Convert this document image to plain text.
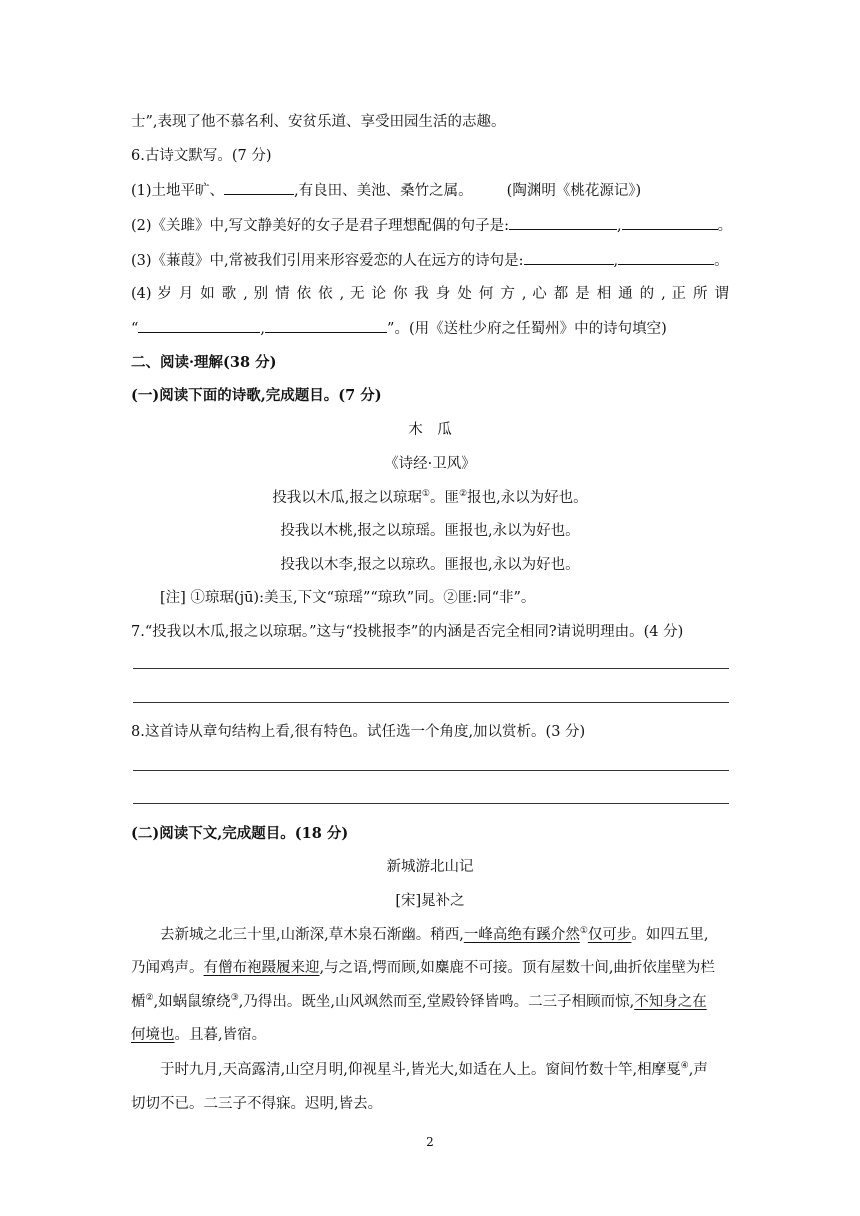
士”,表现了他不慕名利、安贫乐道、享受田园生活的志趣。
6.古诗文默写。(7 分)
(1)土地平旷、	,有良田、美池、桑竹之属。 (陶渊明《桃花源记》)
(2)《关雎》中,写文静美好的女子是君子理想配偶的句子是:	,	。
(3)《蒹葭》中,常被我们引用来形容爱恋的人在远方的诗句是:	,	。
(4) 岁 月 如 歌 , 别 情 依 依 , 无 论 你 我 身 处 何 方 , 心 都 是 相 通 的 , 正 所 谓
“	,	”。(用《送杜少府之任蜀州》中的诗句填空)
二、阅读·理解(38 分)
(一)阅读下面的诗歌,完成题目。(7 分)
木　瓜
《诗经·卫风》
投我以木瓜,报之以琼琚①。匪②报也,永以为好也。
投我以木桃,报之以琼瑶。匪报也,永以为好也。
投我以木李,报之以琼玖。匪报也,永以为好也。
[注] ①琼琚(jū):美玉,下文“琼瑶”“琼玖”同。②匪:同“非”。
7.“投我以木瓜,报之以琼琚。”这与“投桃报李”的内涵是否完全相同?请说明理由。(4 分)
8.这首诗从章句结构上看,很有特色。试任选一个角度,加以赏析。(3 分)
(二)阅读下文,完成题目。(18 分)
新城游北山记
[宋]晁补之
去新城之北三十里,山渐深,草木泉石渐幽。稍西,一峰高绝有蹊介然①仅可步。如四五里,
乃闻鸡声。有僧布袍蹑履来迎,与之语,愕而顾,如麋鹿不可接。顶有屋数十间,曲折依崖壁为栏
楯②,如蜗鼠缭绕③,乃得出。既坐,山风飒然而至,堂殿铃铎皆鸣。二三子相顾而惊,不知身之在
何境也。且暮,皆宿。
于时九月,天高露清,山空月明,仰视星斗,皆光大,如适在人上。窗间竹数十竿,相摩戛④,声
切切不已。二三子不得寐。迟明,皆去。
2
